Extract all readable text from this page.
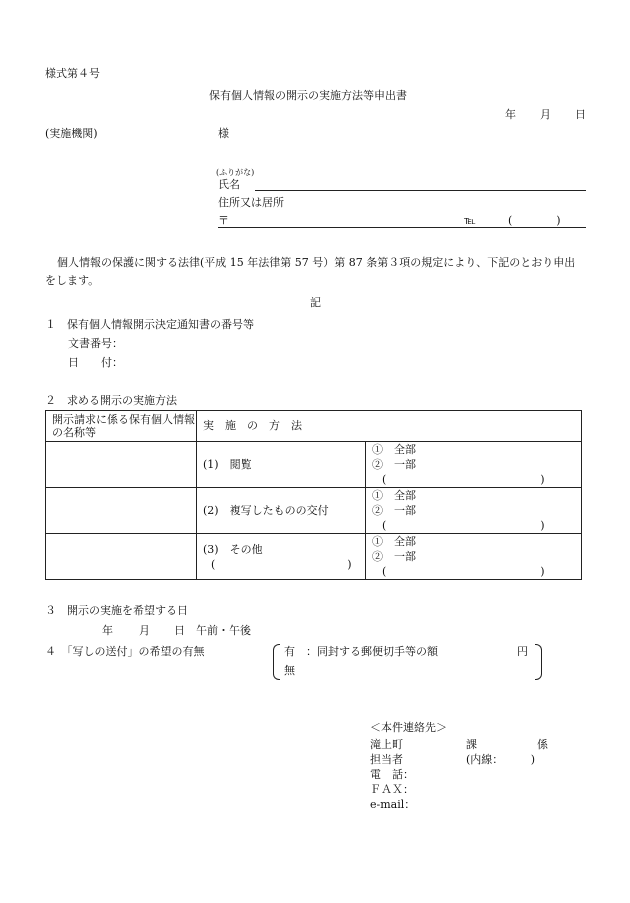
様式第４号
保有個人情報の開示の実施方法等申出書
年 月 日
(実施機関)	様
(ふりがな)
氏名
住所又は居所
〒	℡	(　　　　)
個人情報の保護に関する法律(平成 15 年法律第 57 号）第 87 条第３項の規定により、下記のとおり申出
をします。
記
１　保有個人情報開示決定通知書の番号等
文書番号：
日　　付：
２　求める開示の実施方法
開示請求に係る保有個人情報の名称等	実　施　の　方　法	
	(1)　閲覧	①　全部
②　一部
(　　　　　　　　　　　　　　)

	(2)　複写したものの交付	①　全部
②　一部
(　　　　　　　　　　　　　　)

	(3)　その他
(　　　　　　　　　　　　)	①　全部
②　一部
(　　　　　　　　　　　　　　)
３　開示の実施を希望する日
年 月 日 午前・午後
４　「写しの送付」の希望の有無	有　：同封する郵便切手等の額	円
無
＜本件連絡先＞
滝上町	課	係
担当者	(内線：　　　)
電　話：
ＦＡＸ：
e-mail：
